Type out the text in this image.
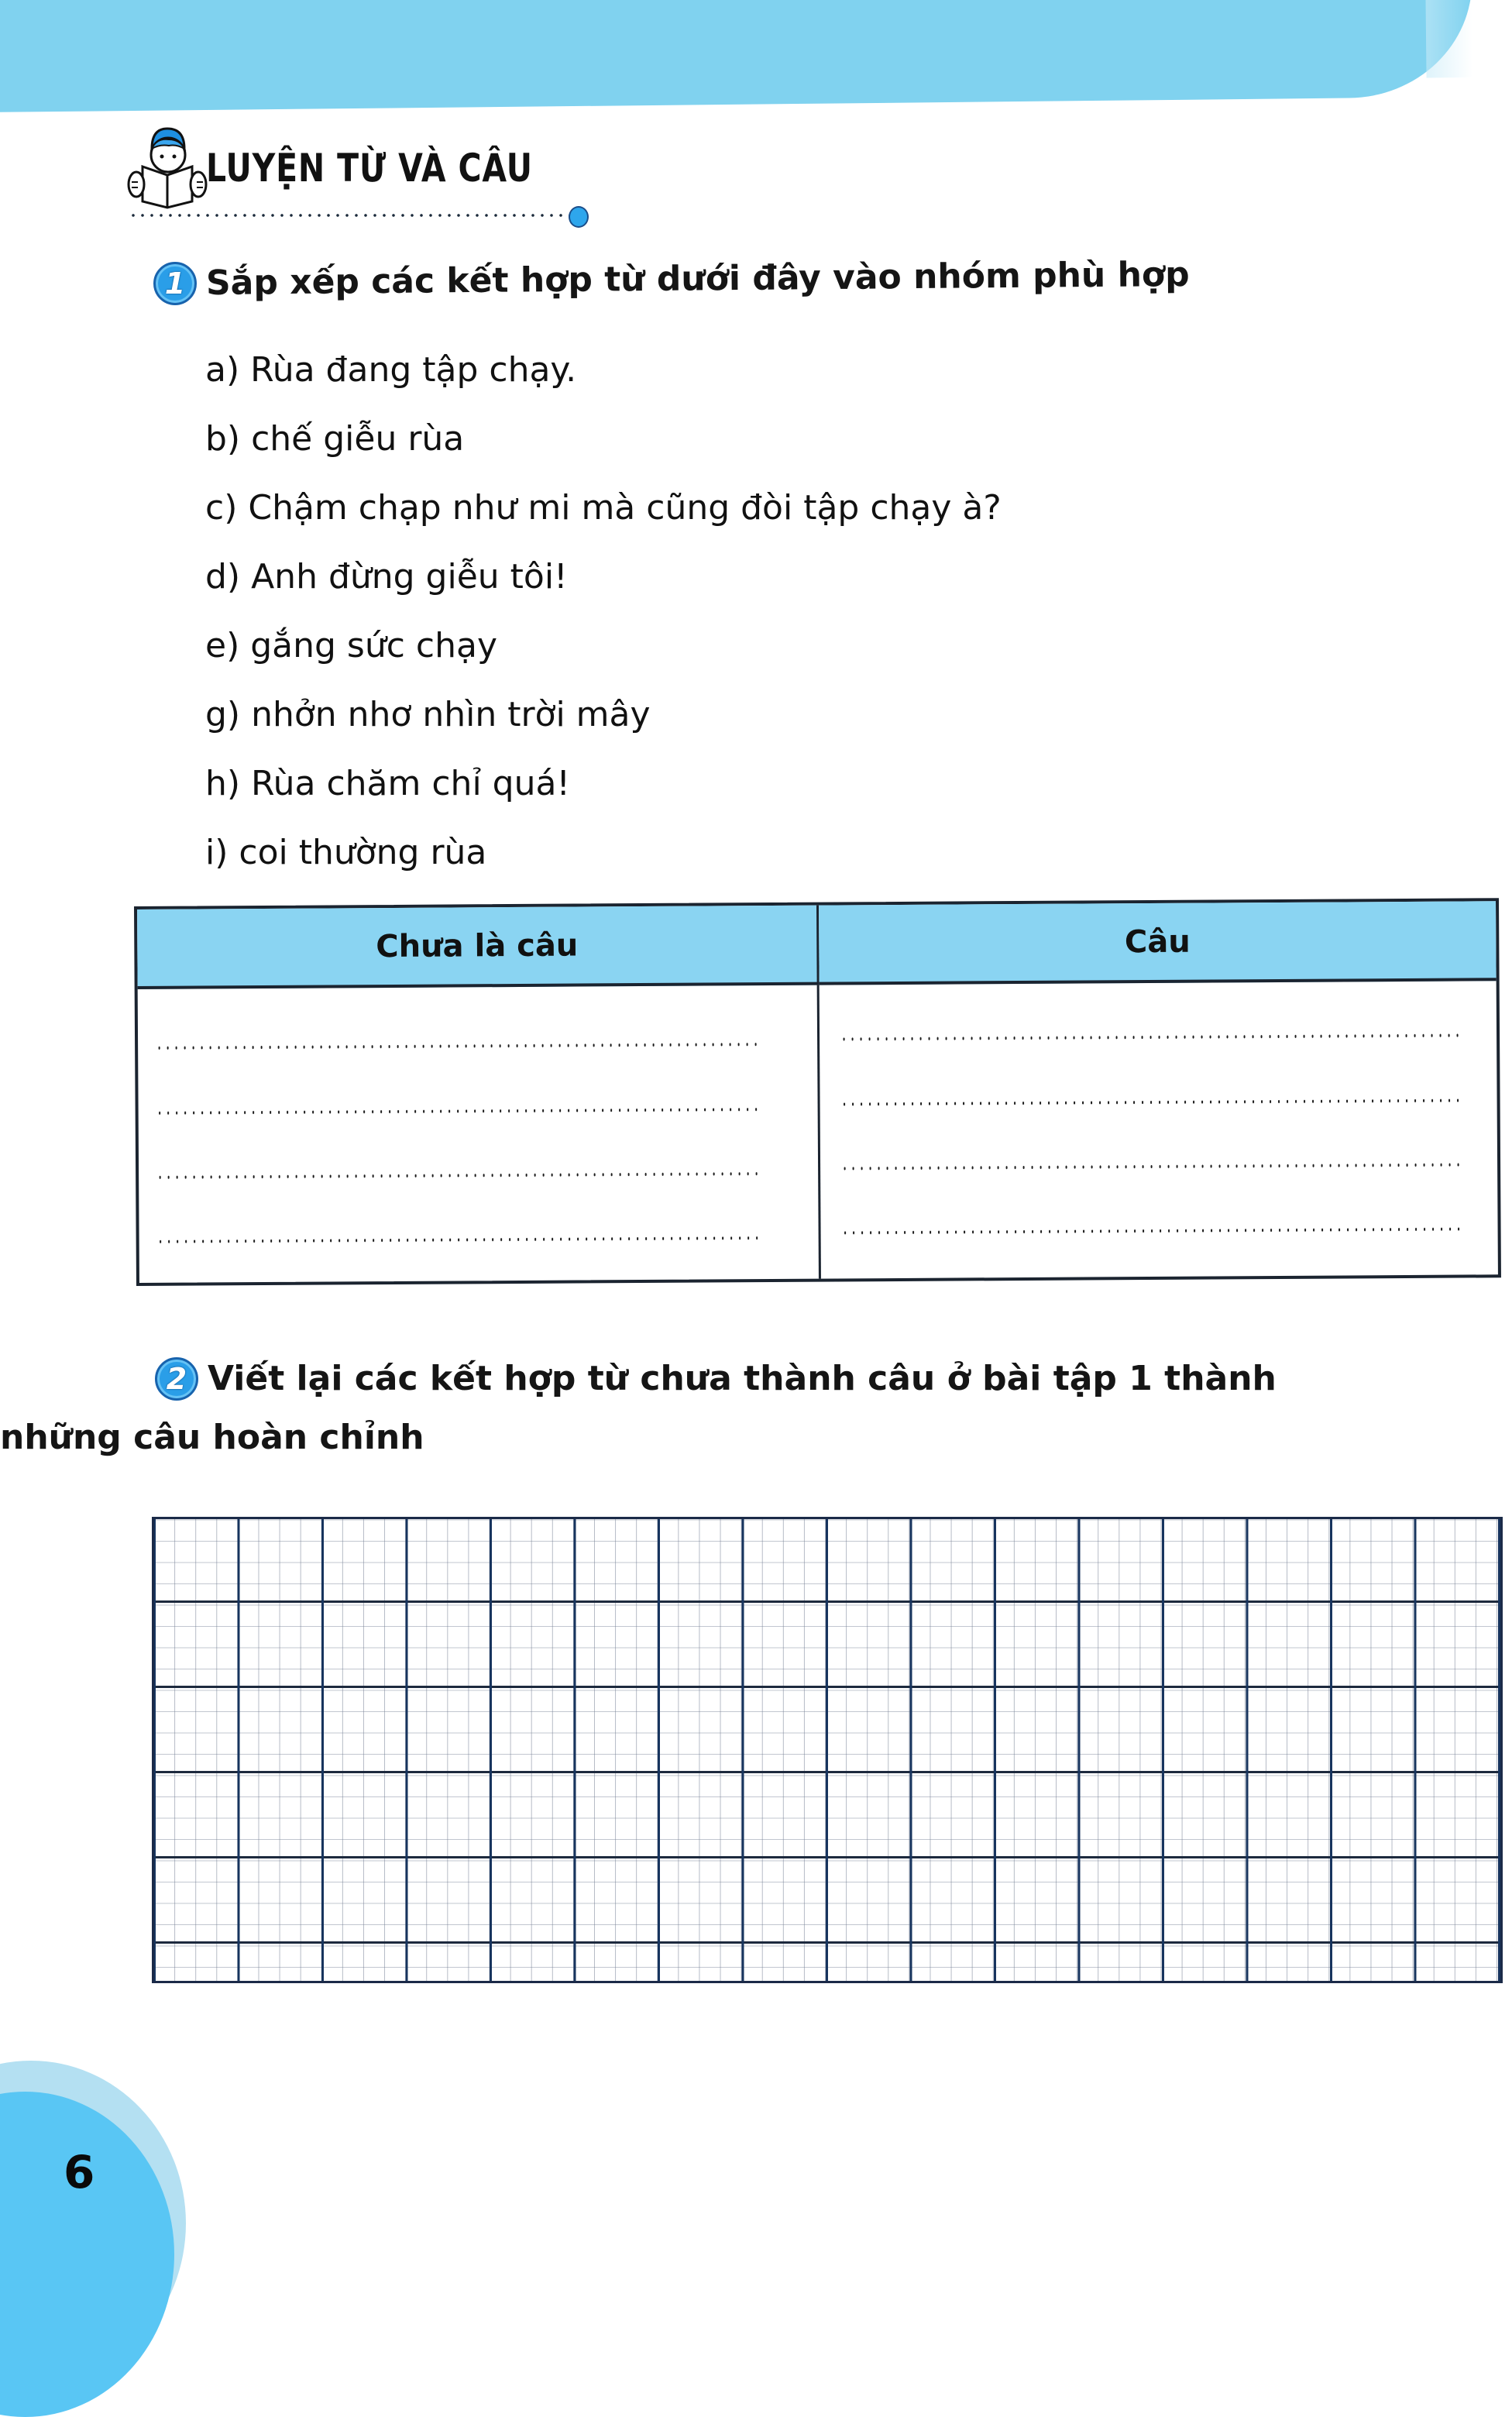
LUYỆN TỪ VÀ CÂU
1 Sắp xếp các kết hợp từ dưới đây vào nhóm phù hợp
a) Rùa đang tập chạy.
b) chế giễu rùa
c) Chậm chạp như mi mà cũng đòi tập chạy à?
d) Anh đừng giễu tôi!
e) gắng sức chạy
g) nhởn nhơ nhìn trời mây
h) Rùa chăm chỉ quá!
i) coi thường rùa
Chưa là câu	Câu
2 Viết lại các kết hợp từ chưa thành câu ở bài tập 1 thành những câu hoàn chỉnh
6
